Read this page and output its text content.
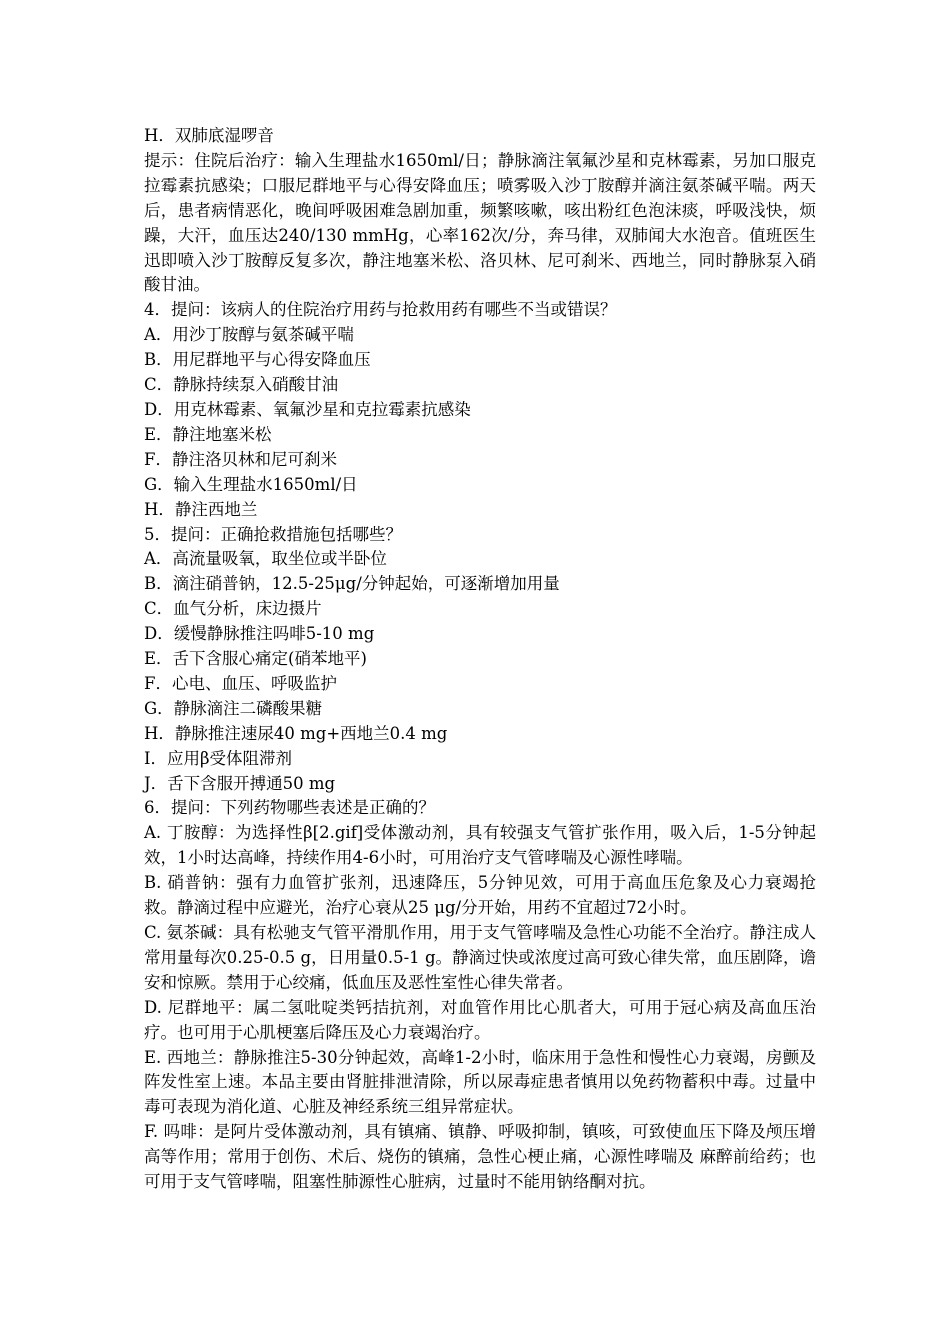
H．双肺底湿啰音

提示：住院后治疗：输入生理盐水1650ml/日；静脉滴注氧氟沙星和克林霉素，另加口服克拉霉素抗感染；口服尼群地平与心得安降血压；喷雾吸入沙丁胺醇并滴注氨茶碱平喘。两天后，患者病情恶化，晚间呼吸困难急剧加重，频繁咳嗽，咳出粉红色泡沫痰，呼吸浅快，烦躁，大汗，血压达240/130 mmHg，心率162次/分，奔马律，双肺闻大水泡音。值班医生迅即喷入沙丁胺醇反复多次，静注地塞米松、洛贝林、尼可刹米、西地兰，同时静脉泵入硝酸甘油。

4．提问：该病人的住院治疗用药与抢救用药有哪些不当或错误？

A．用沙丁胺醇与氨茶碱平喘

B．用尼群地平与心得安降血压

C．静脉持续泵入硝酸甘油

D．用克林霉素、氧氟沙星和克拉霉素抗感染

E．静注地塞米松

F．静注洛贝林和尼可刹米

G．输入生理盐水1650ml/日

H．静注西地兰

5．提问：正确抢救措施包括哪些？

A．高流量吸氧，取坐位或半卧位

B．滴注硝普钠，12.5-25μg/分钟起始，可逐渐增加用量

C．血气分析，床边摄片

D．缓慢静脉推注吗啡5-10 mg

E．舌下含服心痛定(硝苯地平)

F．心电、血压、呼吸监护

G．静脉滴注二磷酸果糖

H．静脉推注速尿40 mg+西地兰0.4 mg

I．应用β受体阻滞剂

J．舌下含服开搏通50 mg

6．提问：下列药物哪些表述是正确的？

A. 丁胺醇：为选择性β[2.gif]受体激动剂，具有较强支气管扩张作用，吸入后，1-5分钟起效，1小时达高峰，持续作用4-6小时，可用治疗支气管哮喘及心源性哮喘。

B. 硝普钠：强有力血管扩张剂，迅速降压，5分钟见效，可用于高血压危象及心力衰竭抢救。静滴过程中应避光，治疗心衰从25 μg/分开始，用药不宜超过72小时。

C. 氨茶碱：具有松驰支气管平滑肌作用，用于支气管哮喘及急性心功能不全治疗。静注成人常用量每次0.25-0.5 g，日用量0.5-1 g。静滴过快或浓度过高可致心律失常，血压剧降，谵安和惊厥。禁用于心绞痛，低血压及恶性室性心律失常者。

D. 尼群地平：属二氢吡啶类钙拮抗剂，对血管作用比心肌者大，可用于冠心病及高血压治疗。也可用于心肌梗塞后降压及心力衰竭治疗。

E. 西地兰：静脉推注5-30分钟起效，高峰1-2小时，临床用于急性和慢性心力衰竭，房颤及阵发性室上速。本品主要由肾脏排泄清除，所以尿毒症患者慎用以免药物蓄积中毒。过量中毒可表现为消化道、心脏及神经系统三组异常症状。

F. 吗啡：是阿片受体激动剂，具有镇痛、镇静、呼吸抑制，镇咳，可致使血压下降及颅压增高等作用；常用于创伤、术后、烧伤的镇痛，急性心梗止痛，心源性哮喘及 麻醉前给药；也可用于支气管哮喘，阻塞性肺源性心脏病，过量时不能用钠络酮对抗。
